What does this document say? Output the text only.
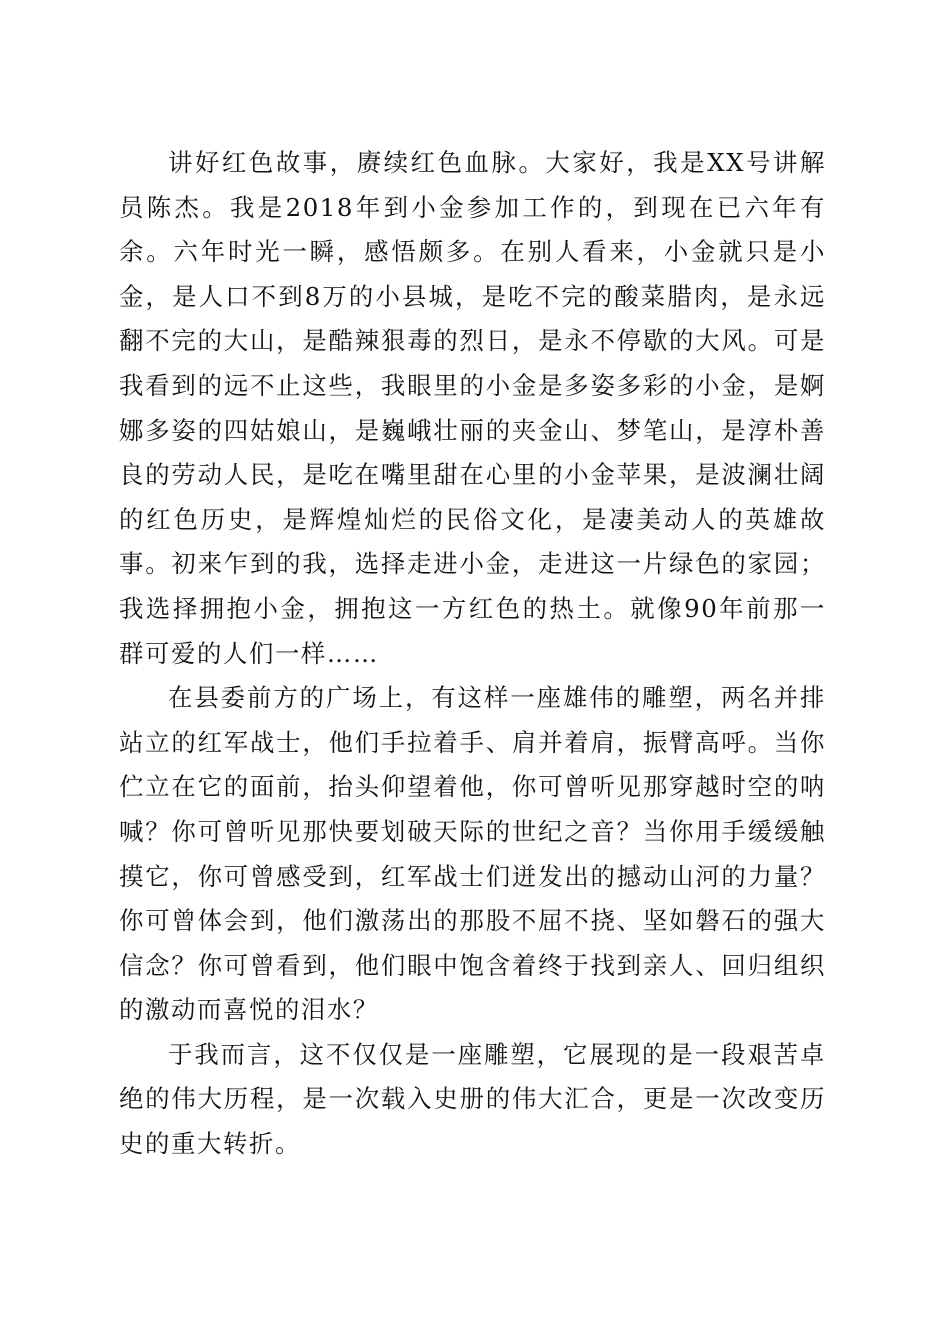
讲好红色故事，赓续红色血脉。大家好，我是XX号讲解员陈杰。我是2018年到小金参加工作的，到现在已六年有余。六年时光一瞬，感悟颇多。在别人看来，小金就只是小金，是人口不到8万的小县城，是吃不完的酸菜腊肉，是永远翻不完的大山，是酷辣狠毒的烈日，是永不停歇的大风。可是我看到的远不止这些，我眼里的小金是多姿多彩的小金，是婀娜多姿的四姑娘山，是巍峨壮丽的夹金山、梦笔山，是淳朴善良的劳动人民，是吃在嘴里甜在心里的小金苹果，是波澜壮阔的红色历史，是辉煌灿烂的民俗文化，是凄美动人的英雄故事。初来乍到的我，选择走进小金，走进这一片绿色的家园；我选择拥抱小金，拥抱这一方红色的热土。就像90年前那一群可爱的人们一样……

在县委前方的广场上，有这样一座雄伟的雕塑，两名并排站立的红军战士，他们手拉着手、肩并着肩，振臂高呼。当你伫立在它的面前，抬头仰望着他，你可曾听见那穿越时空的呐喊？你可曾听见那快要划破天际的世纪之音？当你用手缓缓触摸它，你可曾感受到，红军战士们迸发出的撼动山河的力量？你可曾体会到，他们激荡出的那股不屈不挠、坚如磐石的强大信念？你可曾看到，他们眼中饱含着终于找到亲人、回归组织的激动而喜悦的泪水？

于我而言，这不仅仅是一座雕塑，它展现的是一段艰苦卓绝的伟大历程，是一次载入史册的伟大汇合，更是一次改变历史的重大转折。
